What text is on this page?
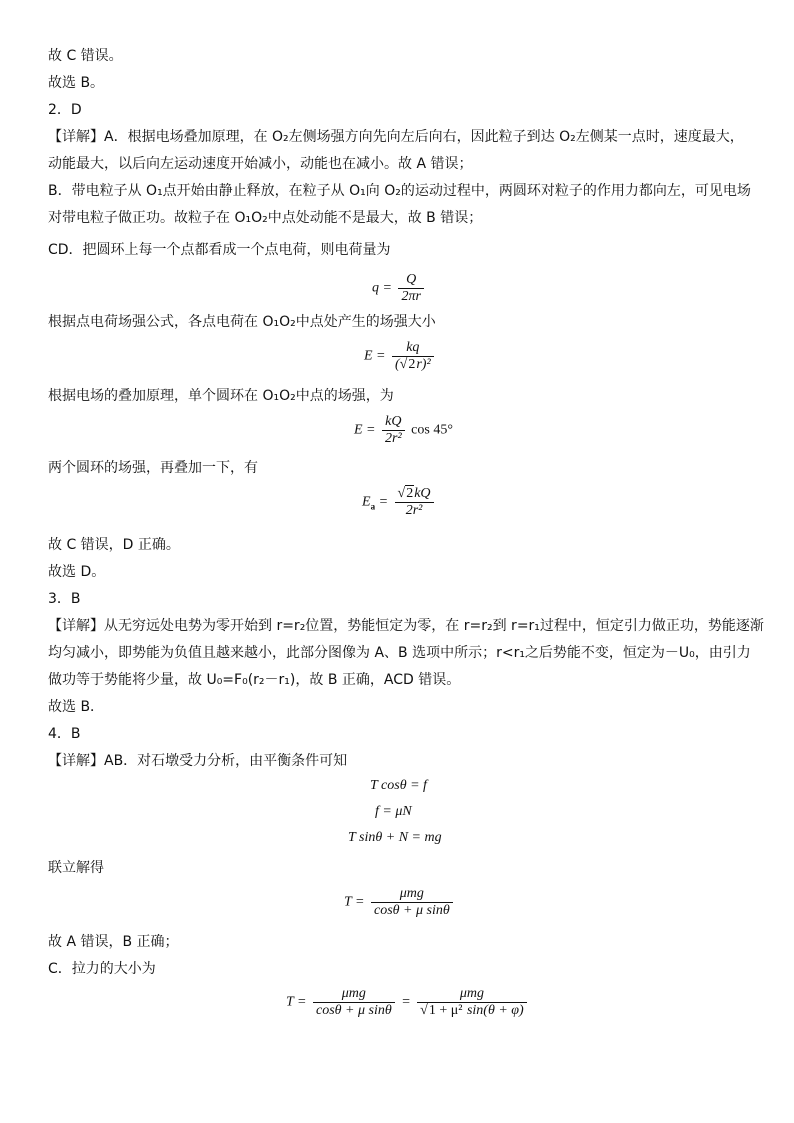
故 C 错误。
故选 B。
2．D
【详解】A．根据电场叠加原理，在 O₂左侧场强方向先向左后向右，因此粒子到达 O₂左侧某一点时，速度最大，
动能最大，以后向左运动速度开始减小，动能也在减小。故 A 错误；
B．带电粒子从 O₁点开始由静止释放，在粒子从 O₁向 O₂的运动过程中，两圆环对粒子的作用力都向左，可见电场
对带电粒子做正功。故粒子在 O₁O₂中点处动能不是最大，故 B 错误；
CD．把圆环上每一个点都看成一个点电荷，则电荷量为
$q = \frac{Q}{2\pi r}$
根据点电荷场强公式，各点电荷在 O₁O₂中点处产生的场强大小
$E = \frac{kq}{\text{(√2r)²}}$
根据电场的叠加原理，单个圆环在 O₁O₂中点的场强，为
$E = \frac{kQ}{\text{2r²}}$ cos 45°
两个圆环的场强，再叠加一下，有
$E_a = \frac{√2kQ}{\text{2r²}}$
故 C 错误，D 正确。
故选 D。
3．B
【详解】从无穷远处电势为零开始到 r=r₂位置，势能恒定为零，在 r=r₂到 r=r₁过程中，恒定引力做正功，势能逐渐
均匀减小，即势能为负值且越来越小，此部分图像为 A、B 选项中所示；r<r₁之后势能不变，恒定为－U₀，由引力
做功等于势能将少量，故 U₀=F₀(r₂－r₁)，故 B 正确，ACD 错误。
故选 B．
4．B
【详解】AB．对石墩受力分析，由平衡条件可知
T cosθ = f
f = μN
T sinθ + N = mg
联立解得
$T = \frac{\text{μmg}}{\text{cosθ + μ sinθ}}$
故 A 错误，B 正确；
C．拉力的大小为
$T = \frac{\text{μmg}}{\text{cosθ + μ sinθ}} = \frac{\text{μmg}}{\text{√1 + μ² sin(θ + φ)}}$
